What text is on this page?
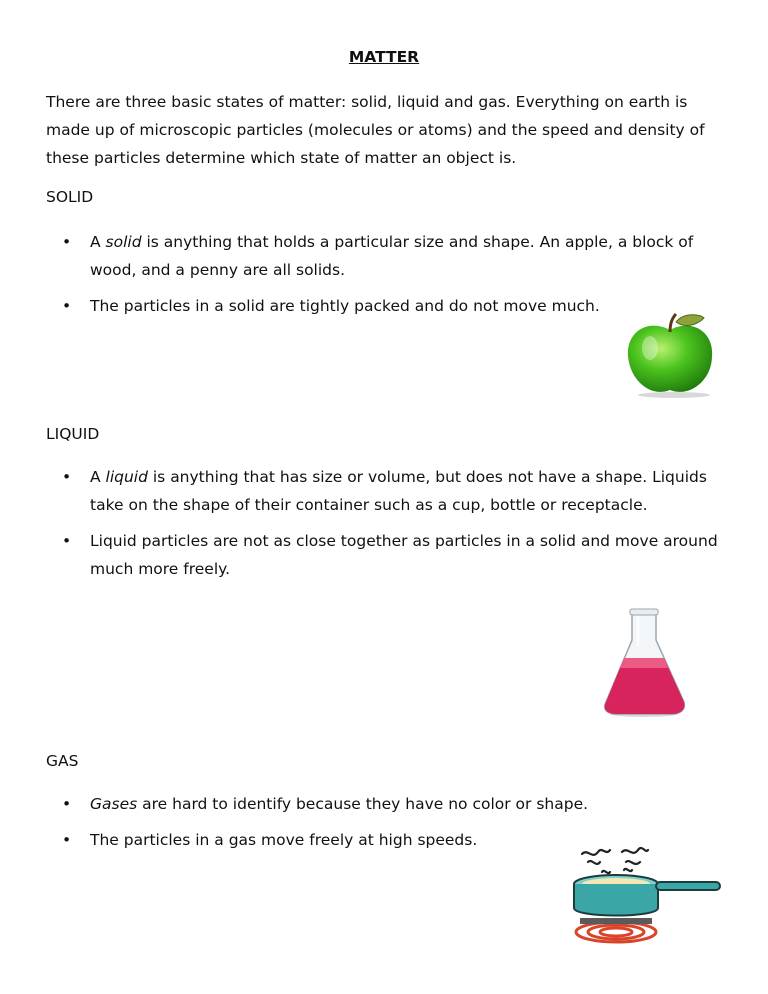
MATTER
There are three basic states of matter: solid, liquid and gas. Everything on earth is made up of microscopic particles (molecules or atoms) and the speed and density of these particles determine which state of matter an object is.
SOLID
• A solid is anything that holds a particular size and shape. An apple, a block of wood, and a penny are all solids.
• The particles in a solid are tightly packed and do not move much.
LIQUID
• A liquid is anything that has size or volume, but does not have a shape. Liquids take on the shape of their container such as a cup, bottle or receptacle.
• Liquid particles are not as close together as particles in a solid and move around much more freely.
GAS
• Gases are hard to identify because they have no color or shape.
• The particles in a gas move freely at high speeds.
